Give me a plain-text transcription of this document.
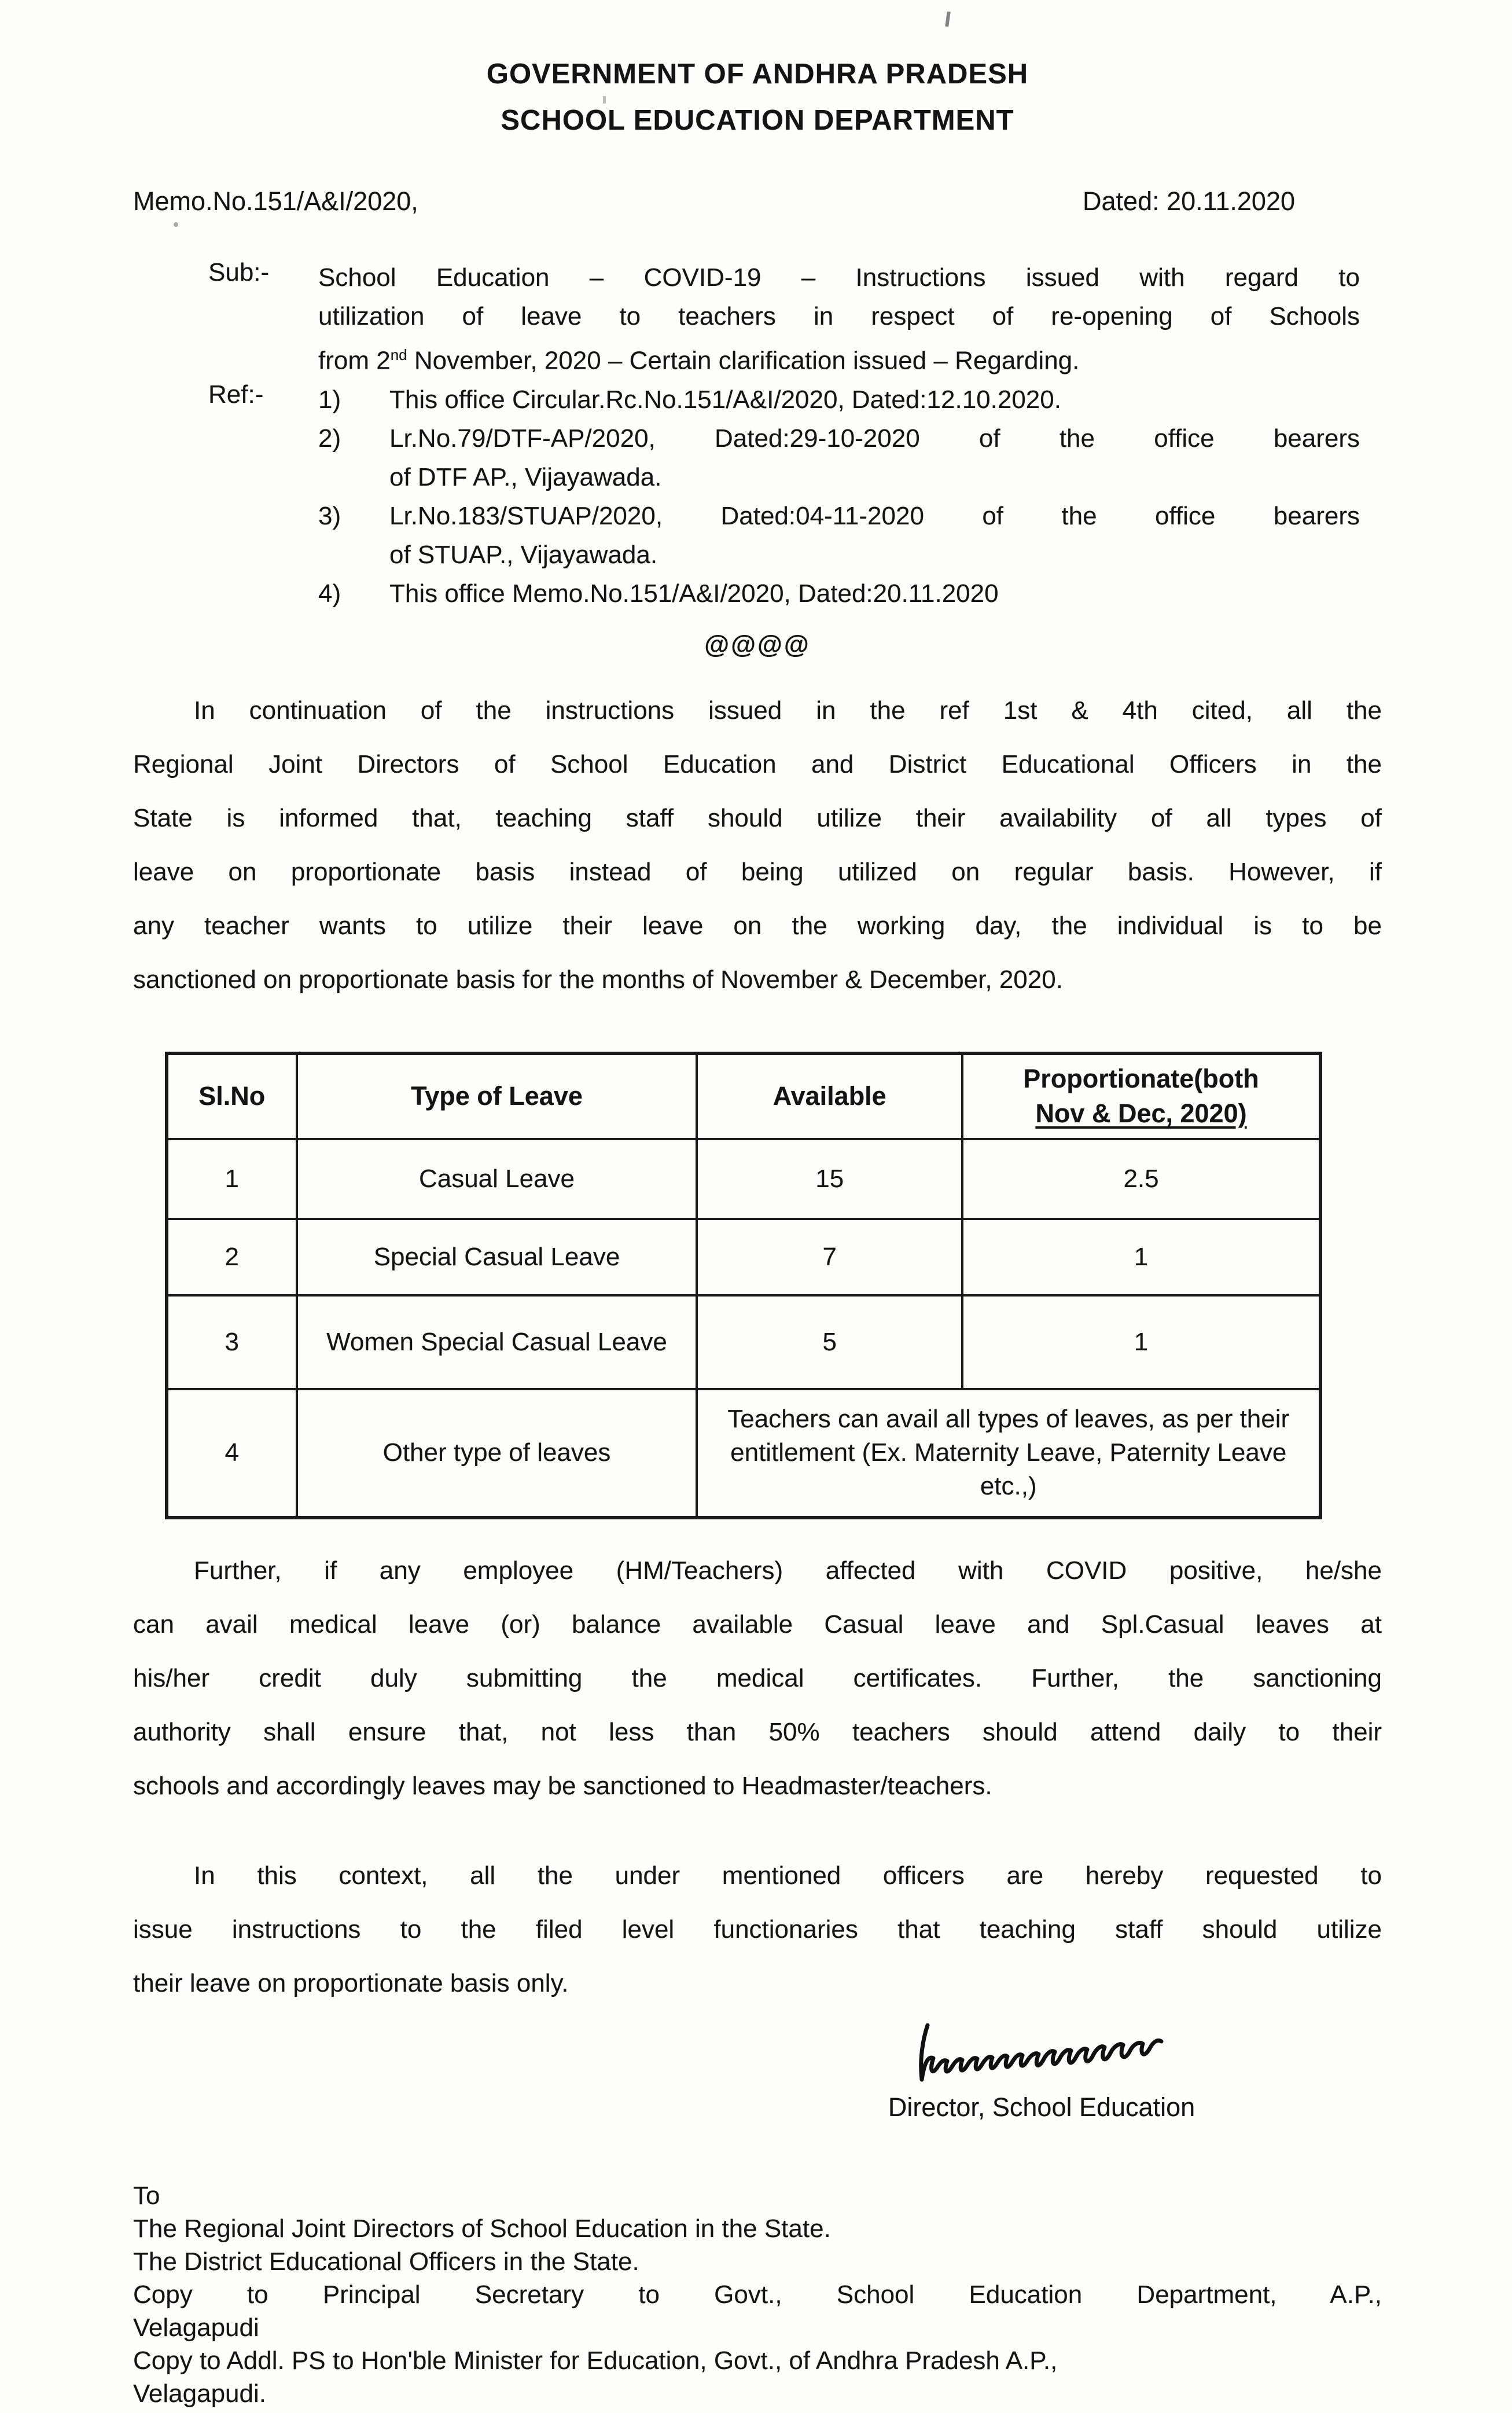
GOVERNMENT OF ANDHRA PRADESH
SCHOOL EDUCATION DEPARTMENT
Memo.No.151/A&I/2020,	Dated: 20.11.2020
Sub:-	School Education – COVID-19 – Instructions issued with regard to
utilization of leave to teachers in respect of re-opening of Schools
from 2nd November, 2020 – Certain clarification issued – Regarding.
Ref:-	1)	This office Circular.Rc.No.151/A&I/2020, Dated:12.10.2020.
2)	Lr.No.79/DTF-AP/2020, Dated:29-10-2020 of the office bearers
of DTF AP., Vijayawada.
3)	Lr.No.183/STUAP/2020, Dated:04-11-2020 of the office bearers
of STUAP., Vijayawada.
4)	This office Memo.No.151/A&I/2020, Dated:20.11.2020
@@@@
In continuation of the instructions issued in the ref 1st & 4th cited, all the
Regional Joint Directors of School Education and District Educational Officers in the
State is informed that, teaching staff should utilize their availability of all types of
leave on proportionate basis instead of being utilized on regular basis. However, if
any teacher wants to utilize their leave on the working day, the individual is to be
sanctioned on proportionate basis for the months of November & December, 2020.
Sl.No	Type of Leave	Available	Proportionate(both
Nov & Dec, 2020)

1	Casual Leave	15	2.5
2	Special Casual Leave	7	1
3	Women Special Casual Leave	5	1
4	Other type of leaves	Teachers can avail all types of leaves, as per their entitlement (Ex. Maternity Leave, Paternity Leave etc.,)	
Further, if any employee (HM/Teachers) affected with COVID positive, he/she
can avail medical leave (or) balance available Casual leave and Spl.Casual leaves at
his/her credit duly submitting the medical certificates. Further, the sanctioning
authority shall ensure that, not less than 50% teachers should attend daily to their
schools and accordingly leaves may be sanctioned to Headmaster/teachers.
In this context, all the under mentioned officers are hereby requested to
issue instructions to the filed level functionaries that teaching staff should utilize
their leave on proportionate basis only.
Director, School Education
To
The Regional Joint Directors of School Education in the State.
The District Educational Officers in the State.
Copy to Principal Secretary to Govt., School Education Department, A.P.,
Velagapudi
Copy to Addl. PS to Hon'ble Minister for Education, Govt., of Andhra Pradesh A.P.,
Velagapudi.
